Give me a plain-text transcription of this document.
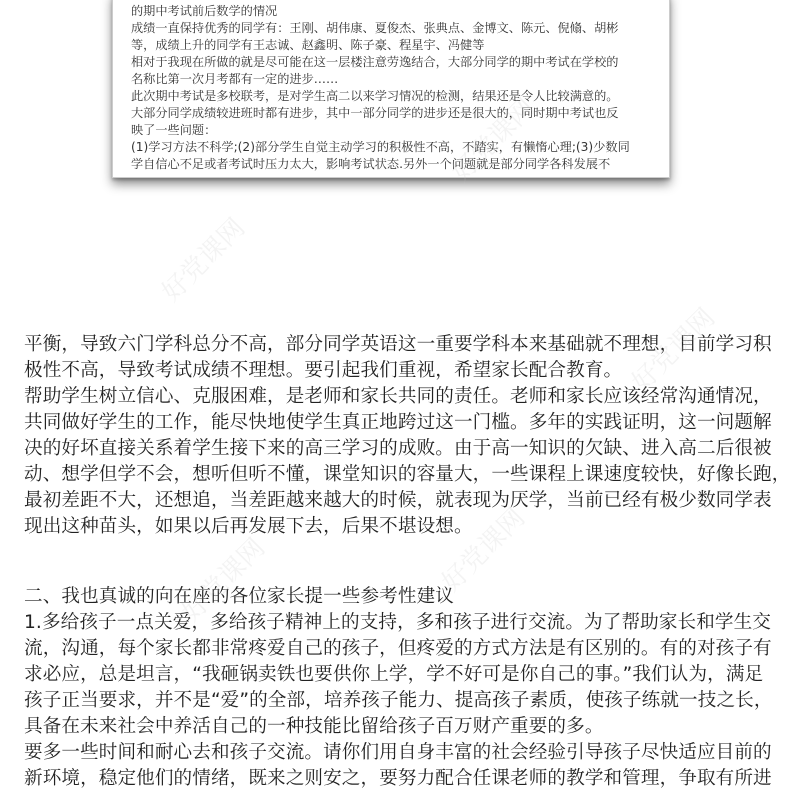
的期中考试前后数学的情况
成绩一直保持优秀的同学有：王刚、胡伟康、夏俊杰、张典点、金博文、陈元、倪翛、胡彬
等，成绩上升的同学有王志诚、赵鑫明、陈子豪、程星宇、冯健等
相对于我现在所做的就是尽可能在这一层楼注意劳逸结合，大部分同学的期中考试在学校的
名称比第一次月考都有一定的进步……
此次期中考试是多校联考，是对学生高二以来学习情况的检测，结果还是令人比较满意的。
大部分同学成绩较进班时都有进步，其中一部分同学的进步还是很大的，同时期中考试也反
映了一些问题：
(1)学习方法不科学;(2)部分学生自觉主动学习的积极性不高，不踏实，有懒惰心理;(3)少数同
学自信心不足或者考试时压力太大，影响考试状态.另外一个问题就是部分同学各科发展不
平衡，导致六门学科总分不高，部分同学英语这一重要学科本来基础就不理想，目前学习积
极性不高，导致考试成绩不理想。要引起我们重视，希望家长配合教育。
帮助学生树立信心、克服困难，是老师和家长共同的责任。老师和家长应该经常沟通情况，
共同做好学生的工作，能尽快地使学生真正地跨过这一门槛。多年的实践证明，这一问题解
决的好坏直接关系着学生接下来的高三学习的成败。由于高一知识的欠缺、进入高二后很被
动、想学但学不会，想听但听不懂，课堂知识的容量大，一些课程上课速度较快，好像长跑，
最初差距不大，还想追，当差距越来越大的时候，就表现为厌学，当前已经有极少数同学表
现出这种苗头，如果以后再发展下去，后果不堪设想。
二、我也真诚的向在座的各位家长提一些参考性建议
1.多给孩子一点关爱，多给孩子精神上的支持，多和孩子进行交流。为了帮助家长和学生交
流，沟通，每个家长都非常疼爱自己的孩子，但疼爱的方式方法是有区别的。有的对孩子有
求必应，总是坦言，“我砸锅卖铁也要供你上学，学不好可是你自己的事。”我们认为，满足
孩子正当要求，并不是“爱”的全部，培养孩子能力、提高孩子素质，使孩子练就一技之长，
具备在未来社会中养活自己的一种技能比留给孩子百万财产重要的多。
要多一些时间和耐心去和孩子交流。请你们用自身丰富的社会经验引导孩子尽快适应目前的
新环境，稳定他们的情绪，既来之则安之，要努力配合任课老师的教学和管理，争取有所进
好党课网
好党课网
好党课网
好党课网
好党课网
